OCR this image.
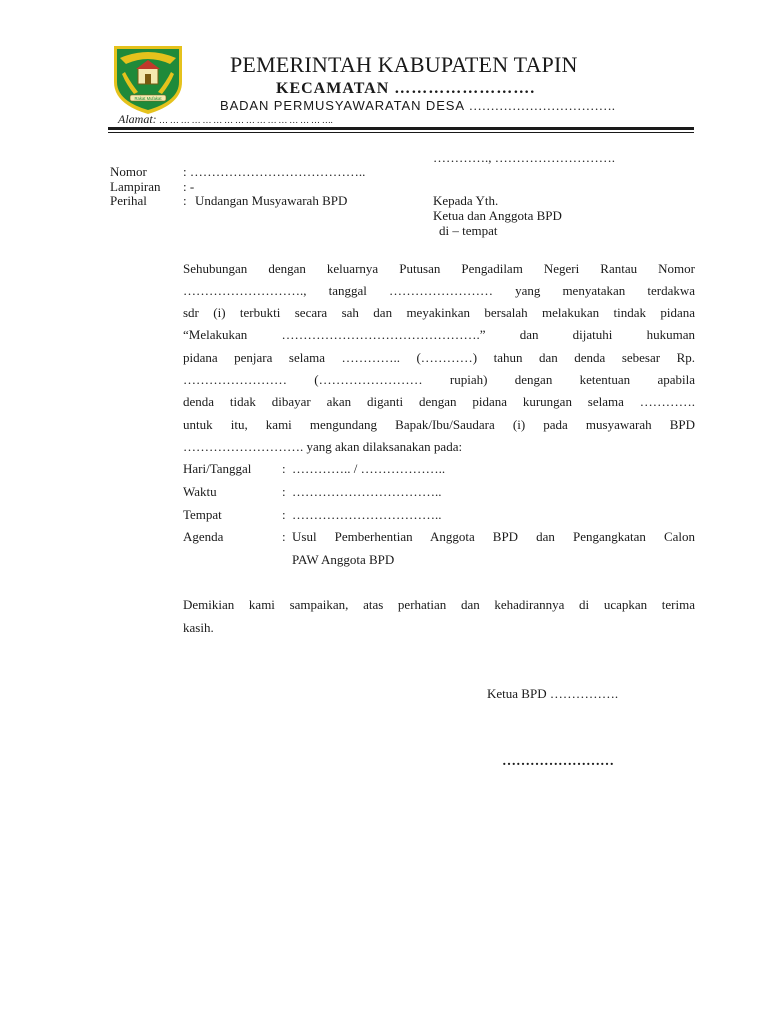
Rakat Mufakat
PEMERINTAH KABUPATEN TAPIN
KECAMATAN …………………….
BADAN PERMUSYAWARATAN DESA …………………………….
Alamat: … … … … … … … … … … … … … … … ….
…………., ……………………….
Nomor	: …………………………………..
Lampiran : -
Perihal	: Undangan Musyawarah BPD	Kepada Yth.
Ketua dan Anggota BPD
di – tempat
Sehubungan dengan keluarnya Putusan Pengadilam Negeri Rantau Nomor
………………………., tanggal …………………… yang menyatakan terdakwa
sdr (i) terbukti secara sah dan meyakinkan bersalah melakukan tindak pidana
“Melakukan ……………………………………….” dan dijatuhi hukuman
pidana penjara selama ………….. (…………) tahun dan denda sebesar Rp.
…………………… (…………………… rupiah) dengan ketentuan apabila
denda tidak dibayar akan diganti dengan pidana kurungan selama ………….
untuk itu, kami mengundang Bapak/Ibu/Saudara (i) pada musyawarah BPD
………………………. yang akan dilaksanakan pada:
Hari/Tanggal : ………….. / ………………..
Waktu	: ……………………………..
Tempat	: ……………………………..
Agenda	: Usul Pemberhentian Anggota BPD dan Pengangkatan Calon
PAW Anggota BPD
Demikian kami sampaikan, atas perhatian dan kehadirannya di ucapkan terima
kasih.
Ketua BPD …………….
……………………
